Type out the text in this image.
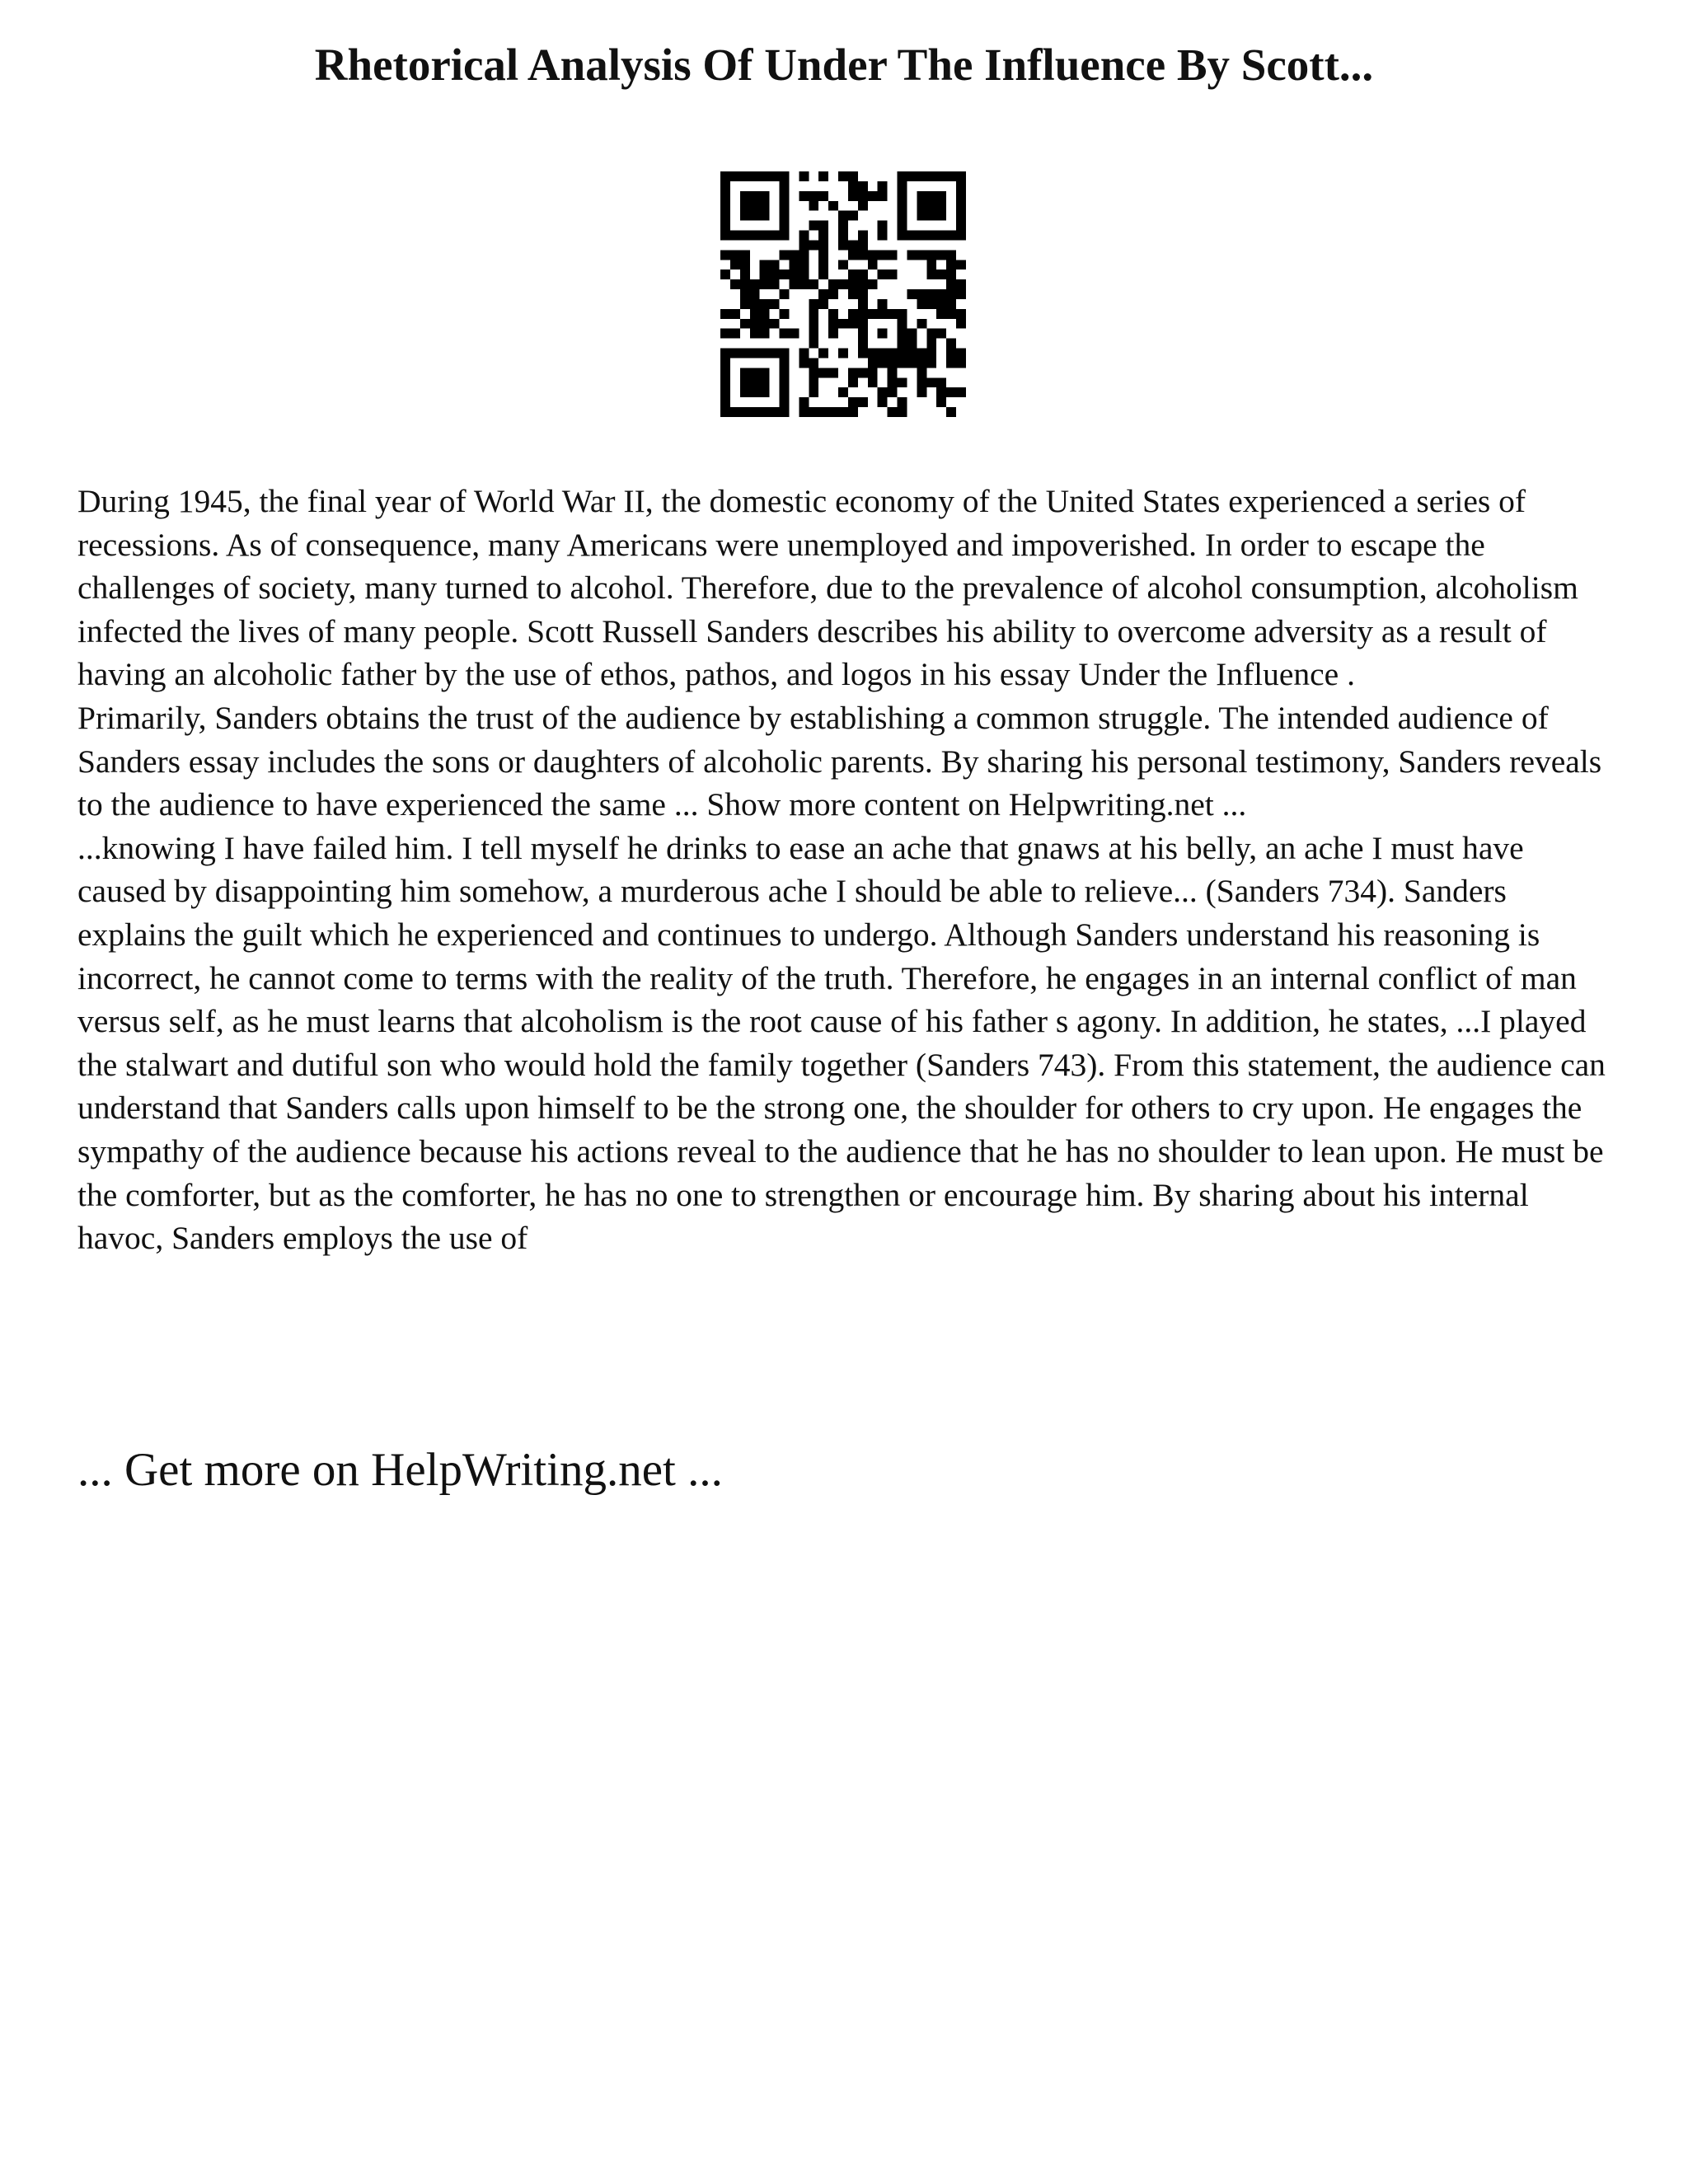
Rhetorical Analysis Of Under The Influence By Scott...

During 1945, the final year of World War II, the domestic economy of the United States experienced a series of recessions. As of consequence, many Americans were unemployed and impoverished. In order to escape the challenges of society, many turned to alcohol. Therefore, due to the prevalence of alcohol consumption, alcoholism infected the lives of many people. Scott Russell Sanders describes his ability to overcome adversity as a result of having an alcoholic father by the use of ethos, pathos, and logos in his essay Under the Influence .

Primarily, Sanders obtains the trust of the audience by establishing a common struggle. The intended audience of Sanders essay includes the sons or daughters of alcoholic parents. By sharing his personal testimony, Sanders reveals to the audience to have experienced the same ... Show more content on Helpwriting.net ...

...knowing I have failed him. I tell myself he drinks to ease an ache that gnaws at his belly, an ache I must have caused by disappointing him somehow, a murderous ache I should be able to relieve... (Sanders 734). Sanders explains the guilt which he experienced and continues to undergo. Although Sanders understand his reasoning is incorrect, he cannot come to terms with the reality of the truth. Therefore, he engages in an internal conflict of man versus self, as he must learns that alcoholism is the root cause of his father s agony. In addition, he states, ...I played the stalwart and dutiful son who would hold the family together (Sanders 743). From this statement, the audience can understand that Sanders calls upon himself to be the strong one, the shoulder for others to cry upon. He engages the sympathy of the audience because his actions reveal to the audience that he has no shoulder to lean upon. He must be the comforter, but as the comforter, he has no one to strengthen or encourage him. By sharing about his internal havoc, Sanders employs the use of

... Get more on HelpWriting.net ...
